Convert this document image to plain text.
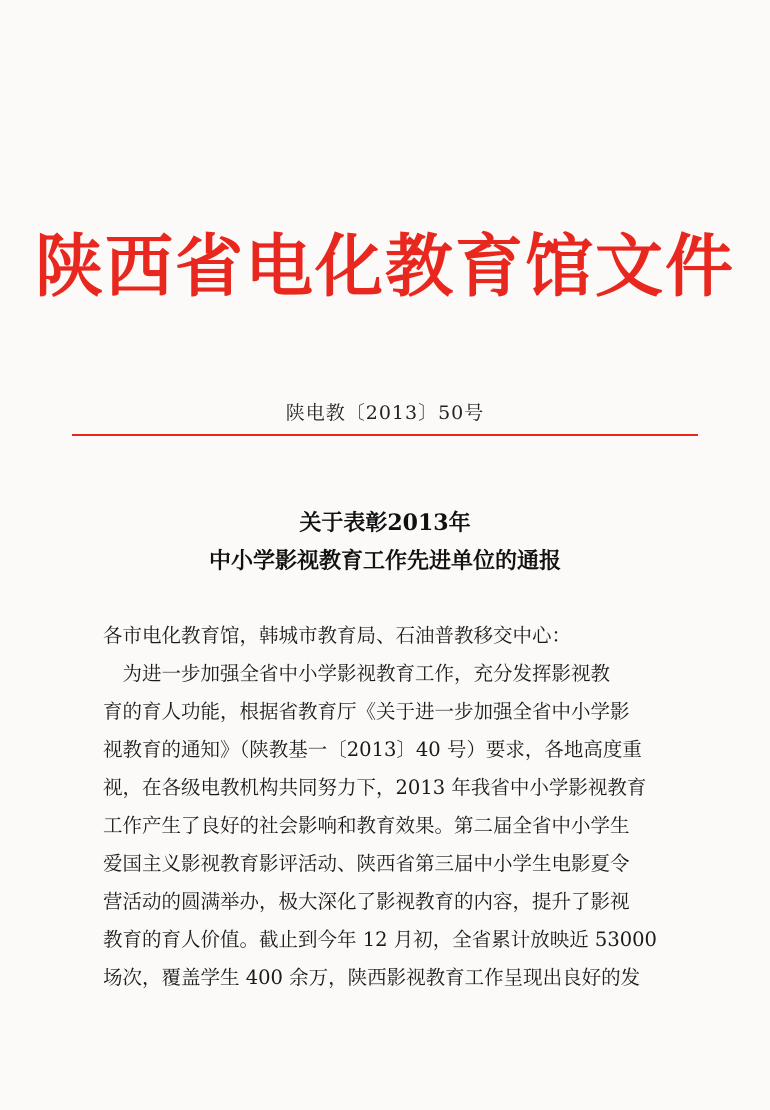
陕西省电化教育馆文件
陕电教〔2013〕50号
关于表彰2013年
中小学影视教育工作先进单位的通报
各市电化教育馆，韩城市教育局、石油普教移交中心：
　为进一步加强全省中小学影视教育工作，充分发挥影视教
育的育人功能，根据省教育厅《关于进一步加强全省中小学影
视教育的通知》（陕教基一〔2013〕40 号）要求，各地高度重
视，在各级电教机构共同努力下，2013 年我省中小学影视教育
工作产生了良好的社会影响和教育效果。第二届全省中小学生
爱国主义影视教育影评活动、陕西省第三届中小学生电影夏令
营活动的圆满举办，极大深化了影视教育的内容，提升了影视
教育的育人价值。截止到今年 12 月初，全省累计放映近 53000
场次，覆盖学生 400 余万，陕西影视教育工作呈现出良好的发
